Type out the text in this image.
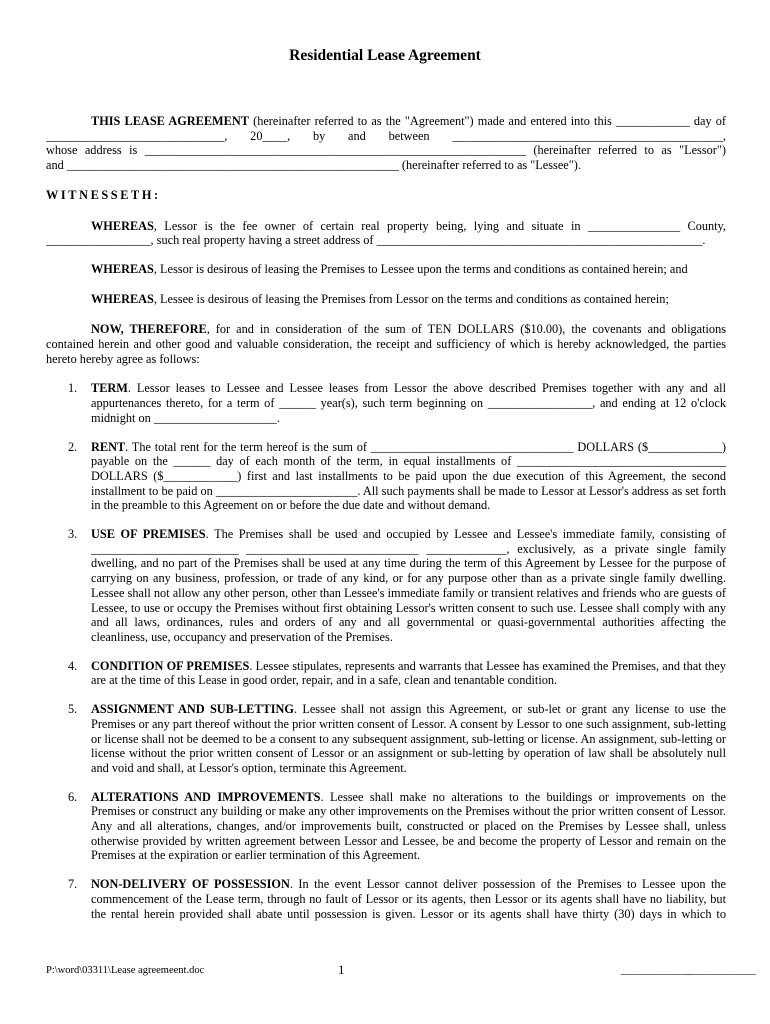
Residential Lease Agreement

THIS LEASE AGREEMENT (hereinafter referred to as the "Agreement") made and entered into this ____________ day of

_____________________________, 20____, by and between ____________________________________________,

whose address is ______________________________________________________________ (hereinafter referred to as "Lessor")

and ______________________________________________________ (hereinafter referred to as "Lessee").

WITNESSETH:

WHEREAS, Lessor is the fee owner of certain real property being, lying and situate in _______________ County, _________________, such real property having a street address of _____________________________________________________.

WHEREAS, Lessor is desirous of leasing the Premises to Lessee upon the terms and conditions as contained herein; and

WHEREAS, Lessee is desirous of leasing the Premises from Lessor on the terms and conditions as contained herein;

NOW, THEREFORE, for and in consideration of the sum of TEN DOLLARS ($10.00), the covenants and obligations contained herein and other good and valuable consideration, the receipt and sufficiency of which is hereby acknowledged, the parties hereto hereby agree as follows:

1. TERM. Lessor leases to Lessee and Lessee leases from Lessor the above described Premises together with any and all appurtenances thereto, for a term of ______ year(s), such term beginning on _________________, and ending at 12 o'clock midnight on ____________________.
2. RENT. The total rent for the term hereof is the sum of _________________________________ DOLLARS ($____________) payable on the ______ day of each month of the term, in equal installments of __________________________________ DOLLARS ($____________) first and last installments to be paid upon the due execution of this Agreement, the second installment to be paid on _______________________. All such payments shall be made to Lessor at Lessor's address as set forth in the preamble to this Agreement on or before the due date and without demand.
3. USE OF PREMISES. The Premises shall be used and occupied by Lessee and Lessee's immediate family, consisting of ________________________ ____________________________ _____________, exclusively, as a private single family dwelling, and no part of the Premises shall be used at any time during the term of this Agreement by Lessee for the purpose of carrying on any business, profession, or trade of any kind, or for any purpose other than as a private single family dwelling. Lessee shall not allow any other person, other than Lessee's immediate family or transient relatives and friends who are guests of Lessee, to use or occupy the Premises without first obtaining Lessor's written consent to such use. Lessee shall comply with any and all laws, ordinances, rules and orders of any and all governmental or quasi-governmental authorities affecting the cleanliness, use, occupancy and preservation of the Premises.
4. CONDITION OF PREMISES. Lessee stipulates, represents and warrants that Lessee has examined the Premises, and that they are at the time of this Lease in good order, repair, and in a safe, clean and tenantable condition.
5. ASSIGNMENT AND SUB-LETTING. Lessee shall not assign this Agreement, or sub-let or grant any license to use the Premises or any part thereof without the prior written consent of Lessor. A consent by Lessor to one such assignment, sub-letting or license shall not be deemed to be a consent to any subsequent assignment, sub-letting or license. An assignment, sub-letting or license without the prior written consent of Lessor or an assignment or sub-letting by operation of law shall be absolutely null and void and shall, at Lessor's option, terminate this Agreement.
6. ALTERATIONS AND IMPROVEMENTS. Lessee shall make no alterations to the buildings or improvements on the Premises or construct any building or make any other improvements on the Premises without the prior written consent of Lessor. Any and all alterations, changes, and/or improvements built, constructed or placed on the Premises by Lessee shall, unless otherwise provided by written agreement between Lessor and Lessee, be and become the property of Lessor and remain on the Premises at the expiration or earlier termination of this Agreement.
7. NON-DELIVERY OF POSSESSION. In the event Lessor cannot deliver possession of the Premises to Lessee upon the commencement of the Lease term, through no fault of Lessor or its agents, then Lessor or its agents shall have no liability, but the rental herein provided shall abate until possession is given. Lessor or its agents shall have thirty (30) days in which to
P:\word\03311\Lease agreemeent.doc	1	_______________
_______________
